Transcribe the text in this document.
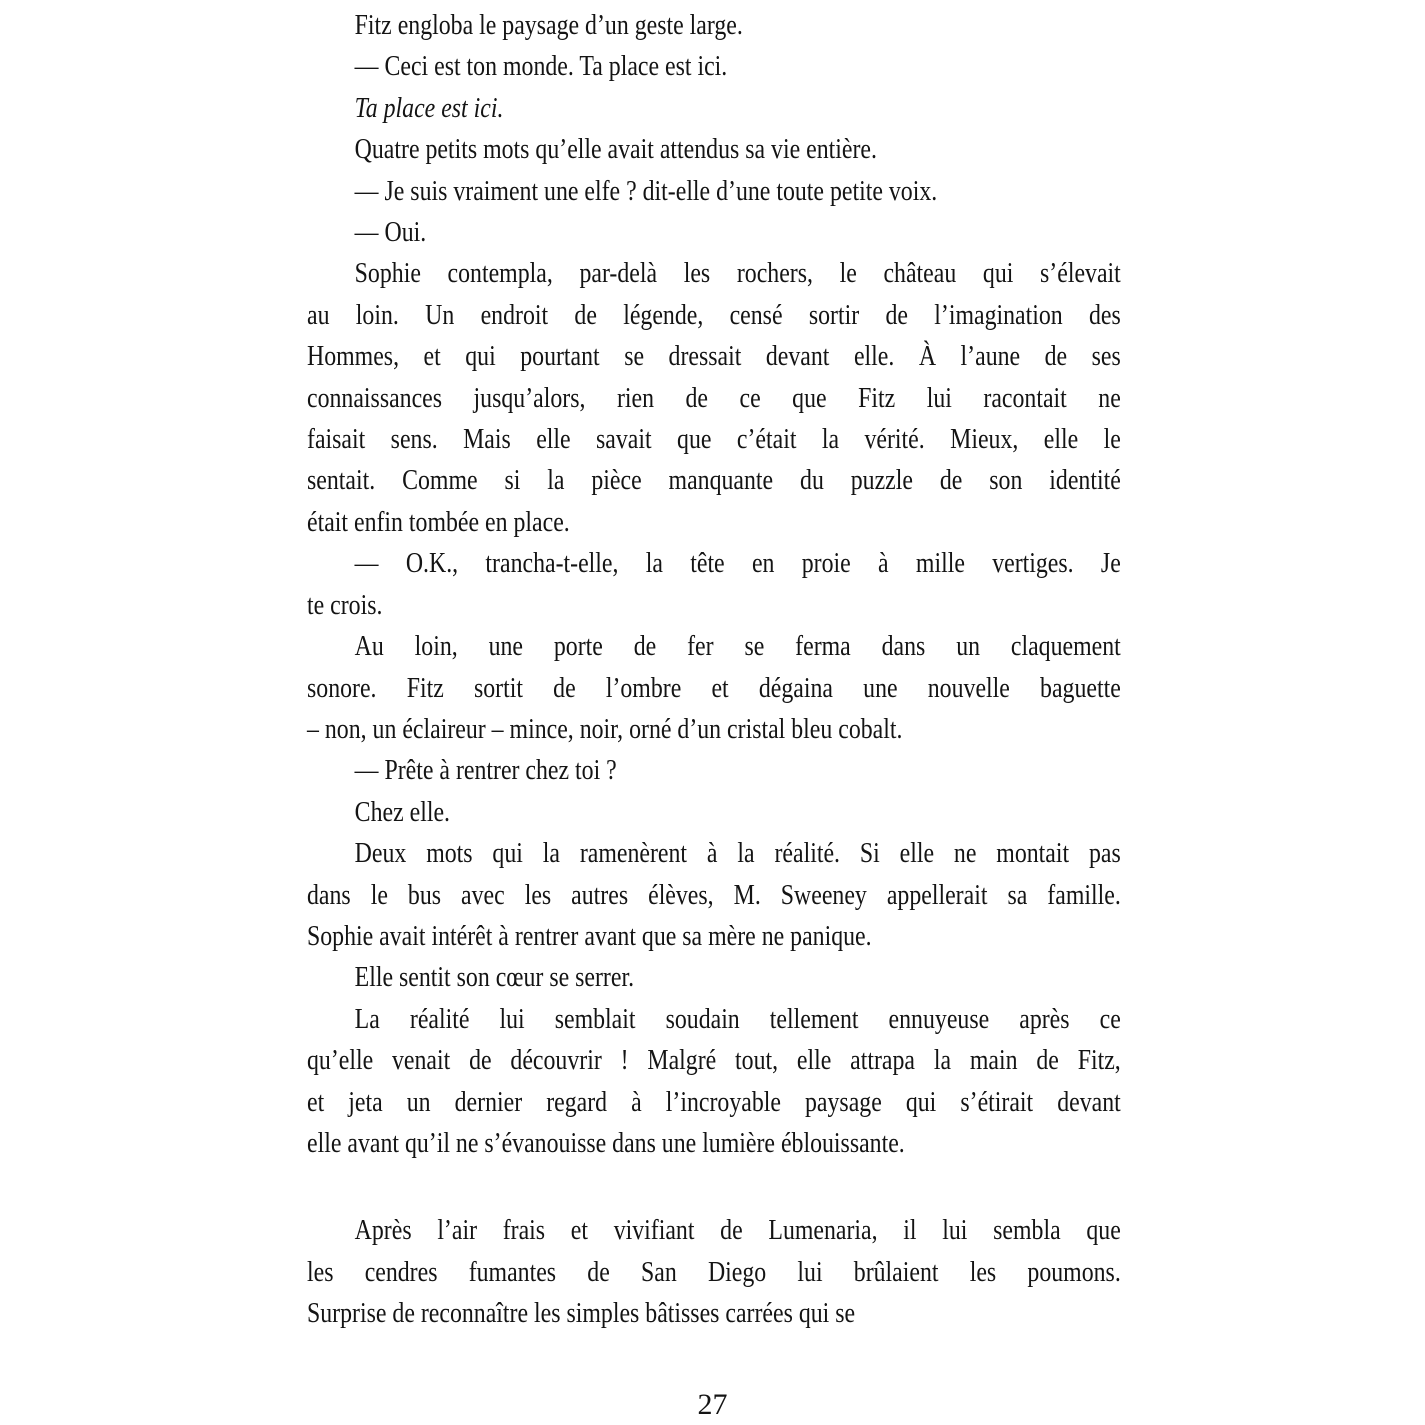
Fitz engloba le paysage d’un geste large.
— Ceci est ton monde. Ta place est ici.
Ta place est ici.
Quatre petits mots qu’elle avait attendus sa vie entière.
— Je suis vraiment une elfe ? dit-elle d’une toute petite voix.
— Oui.
Sophie contempla, par-delà les rochers, le château qui s’élevait
au loin. Un endroit de légende, censé sortir de l’imagination des
Hommes, et qui pourtant se dressait devant elle. À l’aune de ses
connaissances jusqu’alors, rien de ce que Fitz lui racontait ne
faisait sens. Mais elle savait que c’était la vérité. Mieux, elle le
sentait. Comme si la pièce manquante du puzzle de son identité
était enfin tombée en place.
— O.K., trancha-t-elle, la tête en proie à mille vertiges. Je
te crois.
Au loin, une porte de fer se ferma dans un claquement
sonore. Fitz sortit de l’ombre et dégaina une nouvelle baguette
– non, un éclaireur – mince, noir, orné d’un cristal bleu cobalt.
— Prête à rentrer chez toi ?
Chez elle.
Deux mots qui la ramenèrent à la réalité. Si elle ne montait pas
dans le bus avec les autres élèves, M. Sweeney appellerait sa famille.
Sophie avait intérêt à rentrer avant que sa mère ne panique.
Elle sentit son cœur se serrer.
La réalité lui semblait soudain tellement ennuyeuse après ce
qu’elle venait de découvrir ! Malgré tout, elle attrapa la main de Fitz,
et jeta un dernier regard à l’incroyable paysage qui s’étirait devant
elle avant qu’il ne s’évanouisse dans une lumière éblouissante.
Après l’air frais et vivifiant de Lumenaria, il lui sembla que
les cendres fumantes de San Diego lui brûlaient les poumons.
Surprise de reconnaître les simples bâtisses carrées qui se
27
